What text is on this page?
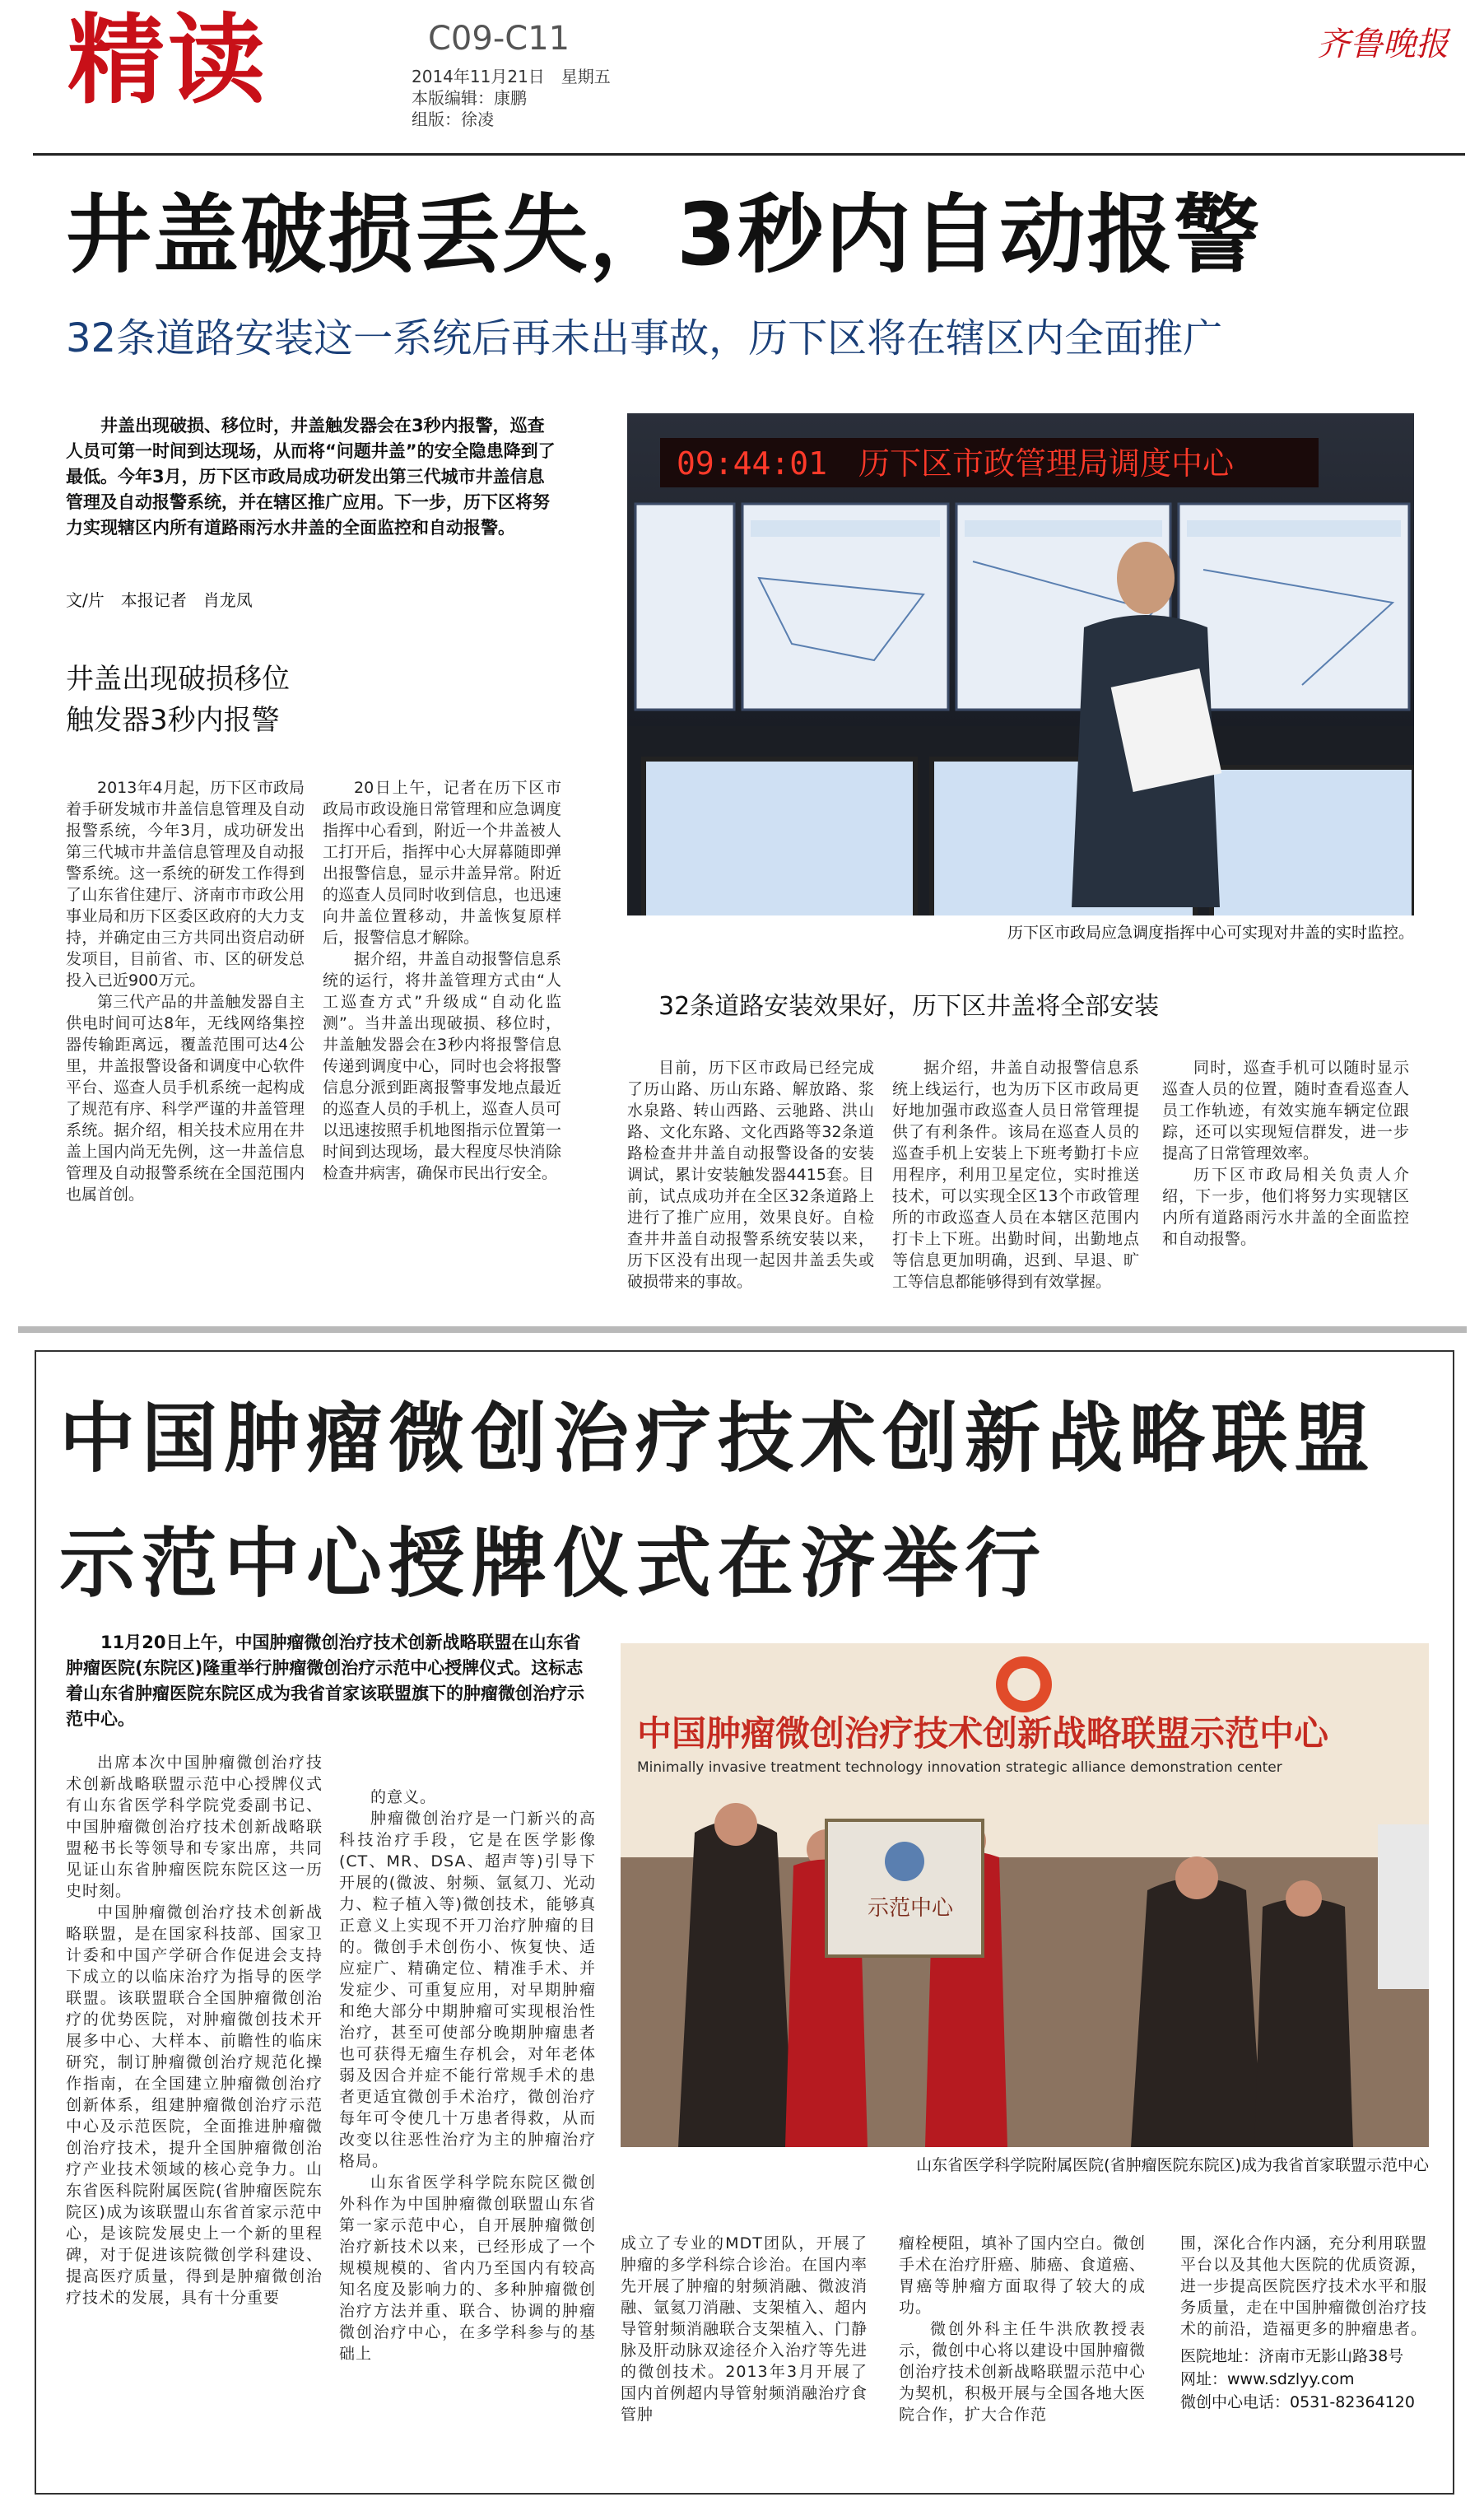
精读	C09-C11
2014年11月21日　星期五
本版编辑：康鹏
组版：徐凌
齐鲁晚报
井盖破损丢失，3秒内自动报警
32条道路安装这一系统后再未出事故，历下区将在辖区内全面推广
井盖出现破损、移位时，井盖触发器会在3秒内报警，巡查人员可第一时间到达现场，从而将“问题井盖”的安全隐患降到了最低。今年3月，历下区市政局成功研发出第三代城市井盖信息管理及自动报警系统，并在辖区推广应用。下一步，历下区将努力实现辖区内所有道路雨污水井盖的全面监控和自动报警。
文/片　本报记者　肖龙凤
井盖出现破损移位
触发器3秒内报警

2013年4月起，历下区市政局着手研发城市井盖信息管理及自动报警系统，今年3月，成功研发出第三代城市井盖信息管理及自动报警系统。这一系统的研发工作得到了山东省住建厅、济南市市政公用事业局和历下区委区政府的大力支持，并确定由三方共同出资启动研发项目，目前省、市、区的研发总投入已近900万元。

第三代产品的井盖触发器自主供电时间可达8年，无线网络集控器传输距离远，覆盖范围可达4公里，井盖报警设备和调度中心软件平台、巡查人员手机系统一起构成了规范有序、科学严谨的井盖管理系统。据介绍，相关技术应用在井盖上国内尚无先例，这一井盖信息管理及自动报警系统在全国范围内也属首创。

20日上午，记者在历下区市政局市政设施日常管理和应急调度指挥中心看到，附近一个井盖被人工打开后，指挥中心大屏幕随即弹出报警信息，显示井盖异常。附近的巡查人员同时收到信息，也迅速向井盖位置移动，井盖恢复原样后，报警信息才解除。

据介绍，井盖自动报警信息系统的运行，将井盖管理方式由“人工巡查方式”升级成“自动化监测”。当井盖出现破损、移位时，井盖触发器会在3秒内将报警信息传递到调度中心，同时也会将报警信息分派到距离报警事发地点最近的巡查人员的手机上，巡查人员可以迅速按照手机地图指示位置第一时间到达现场，最大程度尽快消除检查井病害，确保市民出行安全。

09:44:01　历下区市政管理局调度中心
历下区市政局应急调度指挥中心可实现对井盖的实时监控。
32条道路安装效果好，历下区井盖将全部安装

目前，历下区市政局已经完成了历山路、历山东路、解放路、浆水泉路、转山西路、云驰路、洪山路、文化东路、文化西路等32条道路检查井井盖自动报警设备的安装调试，累计安装触发器4415套。目前，试点成功并在全区32条道路上进行了推广应用，效果良好。自检查井井盖自动报警系统安装以来，历下区没有出现一起因井盖丢失或破损带来的事故。

据介绍，井盖自动报警信息系统上线运行，也为历下区市政局更好地加强市政巡查人员日常管理提供了有利条件。该局在巡查人员的巡查手机上安装上下班考勤打卡应用程序，利用卫星定位，实时推送技术，可以实现全区13个市政管理所的市政巡查人员在本辖区范围内打卡上下班。出勤时间，出勤地点等信息更加明确，迟到、早退、旷工等信息都能够得到有效掌握。

同时，巡查手机可以随时显示巡查人员的位置，随时查看巡查人员工作轨迹，有效实施车辆定位跟踪，还可以实现短信群发，进一步提高了日常管理效率。

历下区市政局相关负责人介绍，下一步，他们将努力实现辖区内所有道路雨污水井盖的全面监控和自动报警。

中国肿瘤微创治疗技术创新战略联盟
示范中心授牌仪式在济举行
11月20日上午，中国肿瘤微创治疗技术创新战略联盟在山东省肿瘤医院(东院区)隆重举行肿瘤微创治疗示范中心授牌仪式。这标志着山东省肿瘤医院东院区成为我省首家该联盟旗下的肿瘤微创治疗示范中心。

出席本次中国肿瘤微创治疗技术创新战略联盟示范中心授牌仪式有山东省医学科学院党委副书记、中国肿瘤微创治疗技术创新战略联盟秘书长等领导和专家出席，共同见证山东省肿瘤医院东院区这一历史时刻。

中国肿瘤微创治疗技术创新战略联盟，是在国家科技部、国家卫计委和中国产学研合作促进会支持下成立的以临床治疗为指导的医学联盟。该联盟联合全国肿瘤微创治疗的优势医院，对肿瘤微创技术开展多中心、大样本、前瞻性的临床研究，制订肿瘤微创治疗规范化操作指南，在全国建立肿瘤微创治疗创新体系，组建肿瘤微创治疗示范中心及示范医院，全面推进肿瘤微创治疗技术，提升全国肿瘤微创治疗产业技术领域的核心竞争力。山东省医科院附属医院(省肿瘤医院东院区)成为该联盟山东省首家示范中心，是该院发展史上一个新的里程碑，对于促进该院微创学科建设、提高医疗质量，得到是肿瘤微创治疗技术的发展，具有十分重要

的意义。

肿瘤微创治疗是一门新兴的高科技治疗手段，它是在医学影像(CT、MR、DSA、超声等)引导下开展的(微波、射频、氩氦刀、光动力、粒子植入等)微创技术，能够真正意义上实现不开刀治疗肿瘤的目的。微创手术创伤小、恢复快、适应症广、精确定位、精准手术、并发症少、可重复应用，对早期肿瘤和绝大部分中期肿瘤可实现根治性治疗，甚至可使部分晚期肿瘤患者也可获得无瘤生存机会，对年老体弱及因合并症不能行常规手术的患者更适宜微创手术治疗，微创治疗每年可令使几十万患者得救，从而改变以往恶性治疗为主的肿瘤治疗格局。

山东省医学科学院东院区微创外科作为中国肿瘤微创联盟山东省第一家示范中心，自开展肿瘤微创治疗新技术以来，已经形成了一个规模规模的、省内乃至国内有较高知名度及影响力的、多种肿瘤微创治疗方法并重、联合、协调的肿瘤微创治疗中心，在多学科参与的基础上

中国肿瘤微创治疗技术创新战略联盟示范中心
Minimally invasive treatment technology innovation strategic alliance demonstration center
示范中心
山东省医学科学院附属医院(省肿瘤医院东院区)成为我省首家联盟示范中心

成立了专业的MDT团队，开展了肿瘤的多学科综合诊治。在国内率先开展了肿瘤的射频消融、微波消融、氩氦刀消融、支架植入、超内导管射频消融联合支架植入、门静脉及肝动脉双途径介入治疗等先进的微创技术。2013年3月开展了国内首例超内导管射频消融治疗食管肿

瘤栓梗阻，填补了国内空白。微创手术在治疗肝癌、肺癌、食道癌、胃癌等肿瘤方面取得了较大的成功。

微创外科主任牛洪欣教授表示，微创中心将以建设中国肿瘤微创治疗技术创新战略联盟示范中心为契机，积极开展与全国各地大医院合作，扩大合作范

围，深化合作内涵，充分利用联盟平台以及其他大医院的优质资源，进一步提高医院医疗技术水平和服务质量，走在中国肿瘤微创治疗技术的前沿，造福更多的肿瘤患者。

医院地址：济南市无影山路38号
网址：www.sdzlyy.com
微创中心电话：0531-82364120
